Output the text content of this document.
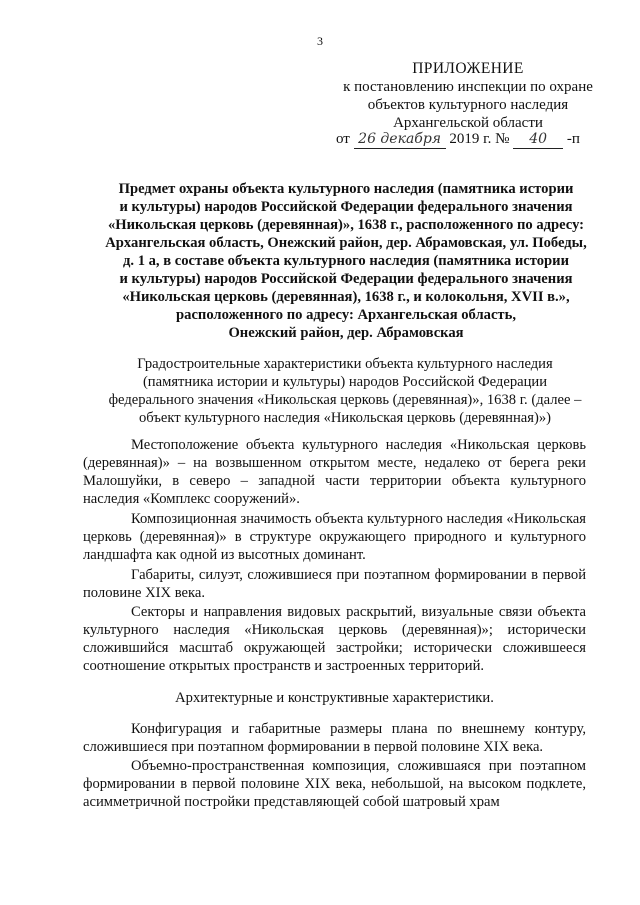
3
ПРИЛОЖЕНИЕ
к постановлению инспекции по охране
объектов культурного наследия
Архангельской области
от 26 декабря 2019 г. № 40 -п
Предмет охраны объекта культурного наследия (памятника истории
и культуры) народов Российской Федерации федерального значения
«Никольская церковь (деревянная)», 1638 г., расположенного по адресу:
Архангельская область, Онежский район, дер. Абрамовская, ул. Победы,
д. 1 а, в составе объекта культурного наследия (памятника истории
и культуры) народов Российской Федерации федерального значения
«Никольская церковь (деревянная), 1638 г., и колокольня, XVII в.»,
расположенного по адресу: Архангельская область,
Онежский район, дер. Абрамовская
Градостроительные характеристики объекта культурного наследия
(памятника истории и культуры) народов Российской Федерации
федерального значения «Никольская церковь (деревянная)», 1638 г. (далее –
объект культурного наследия «Никольская церковь (деревянная)»)
Местоположение объекта культурного наследия «Никольская церковь (деревянная)» – на возвышенном открытом месте, недалеко от берега реки Малошуйки, в северо – западной части территории объекта культурного наследия «Комплекс сооружений».
Композиционная значимость объекта культурного наследия «Никольская церковь (деревянная)» в структуре окружающего природного и культурного ландшафта как одной из высотных доминант.
Габариты, силуэт, сложившиеся при поэтапном формировании в первой половине XIX века.
Секторы и направления видовых раскрытий, визуальные связи объекта культурного наследия «Никольская церковь (деревянная)»; исторически сложившийся масштаб окружающей застройки; исторически сложившееся соотношение открытых пространств и застроенных территорий.
Архитектурные и конструктивные характеристики.
Конфигурация и габаритные размеры плана по внешнему контуру, сложившиеся при поэтапном формировании в первой половине XIX века.
Объемно-пространственная композиция, сложившаяся при поэтапном формировании в первой половине XIX века, небольшой, на высоком подклете, асимметричной постройки представляющей собой шатровый храм
